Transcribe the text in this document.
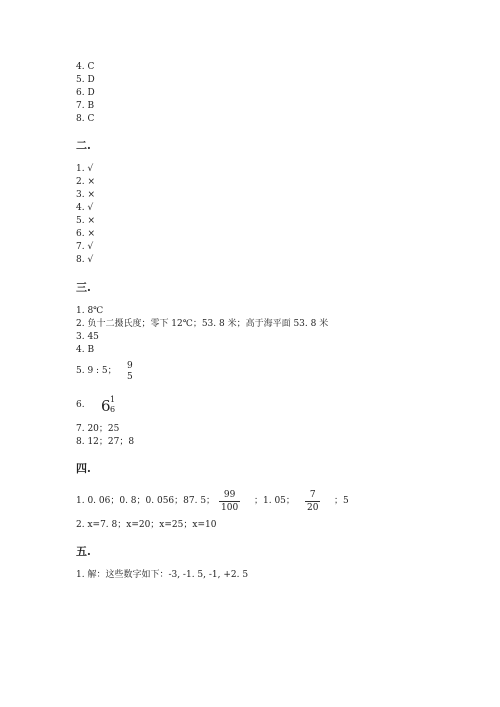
4. C
5. D
6. D
7. B
8. C
二.
1. √
2. ×
3. ×
4. √
5. ×
6. ×
7. √
8. √
三.
1. 8℃
2. 负十二摄氏度；零下 12℃；53. 8 米；高于海平面 53. 8 米
3. 45
4. B
5. 9 : 5； 9
5
6. 6 1
6
7. 20；25
8. 12；27；8
四.
1. 0. 06；0. 8；0. 056；87. 5；
99
100
；1. 05；
7
20
；5
2. x=7. 8；x=20；x=25；x=10
五.
1. 解：这些数字如下：-3, -1. 5, -1, +2. 5
